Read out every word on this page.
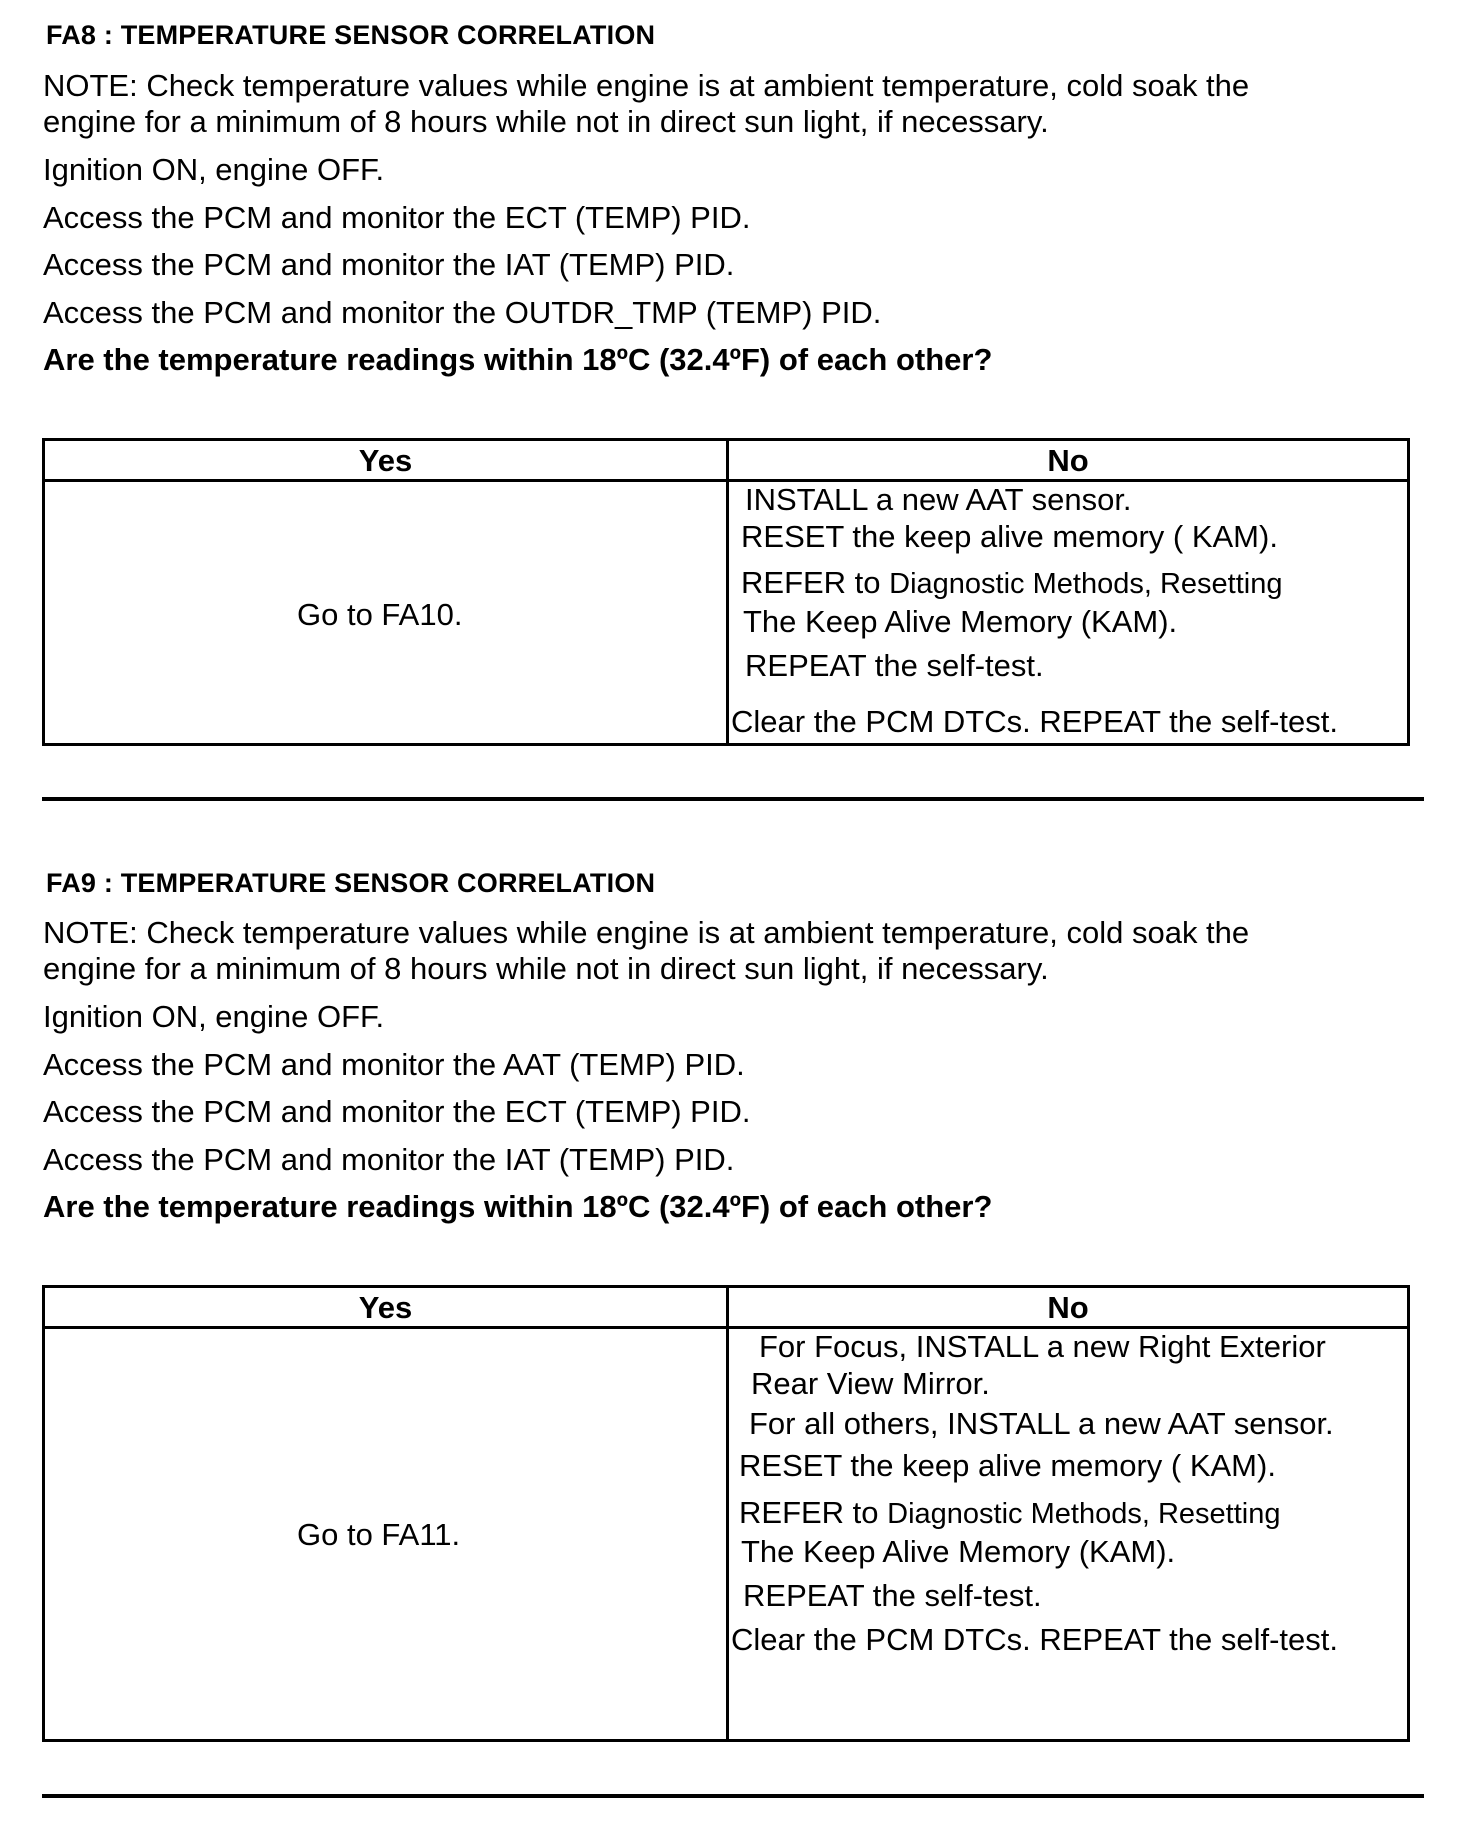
FA8 : TEMPERATURE SENSOR CORRELATION
NOTE: Check temperature values while engine is at ambient temperature, cold soak the
engine for a minimum of 8 hours while not in direct sun light, if necessary.
Ignition ON, engine OFF.
Access the PCM and monitor the ECT (TEMP) PID.
Access the PCM and monitor the IAT (TEMP) PID.
Access the PCM and monitor the OUTDR_TMP (TEMP) PID.
Are the temperature readings within 18ºC (32.4ºF) of each other?
Yes	No
Go to FA10.
INSTALL a new AAT sensor.
RESET the keep alive memory ( KAM).
REFER to Diagnostic Methods, Resetting
The Keep Alive Memory (KAM).
REPEAT the self-test.
Clear the PCM DTCs. REPEAT the self-test.
FA9 : TEMPERATURE SENSOR CORRELATION
NOTE: Check temperature values while engine is at ambient temperature, cold soak the
engine for a minimum of 8 hours while not in direct sun light, if necessary.
Ignition ON, engine OFF.
Access the PCM and monitor the AAT (TEMP) PID.
Access the PCM and monitor the ECT (TEMP) PID.
Access the PCM and monitor the IAT (TEMP) PID.
Are the temperature readings within 18ºC (32.4ºF) of each other?
Yes	No
Go to FA11.
For Focus, INSTALL a new Right Exterior
Rear View Mirror.
For all others, INSTALL a new AAT sensor.
RESET the keep alive memory ( KAM).
REFER to Diagnostic Methods, Resetting
The Keep Alive Memory (KAM).
REPEAT the self-test.
Clear the PCM DTCs. REPEAT the self-test.
